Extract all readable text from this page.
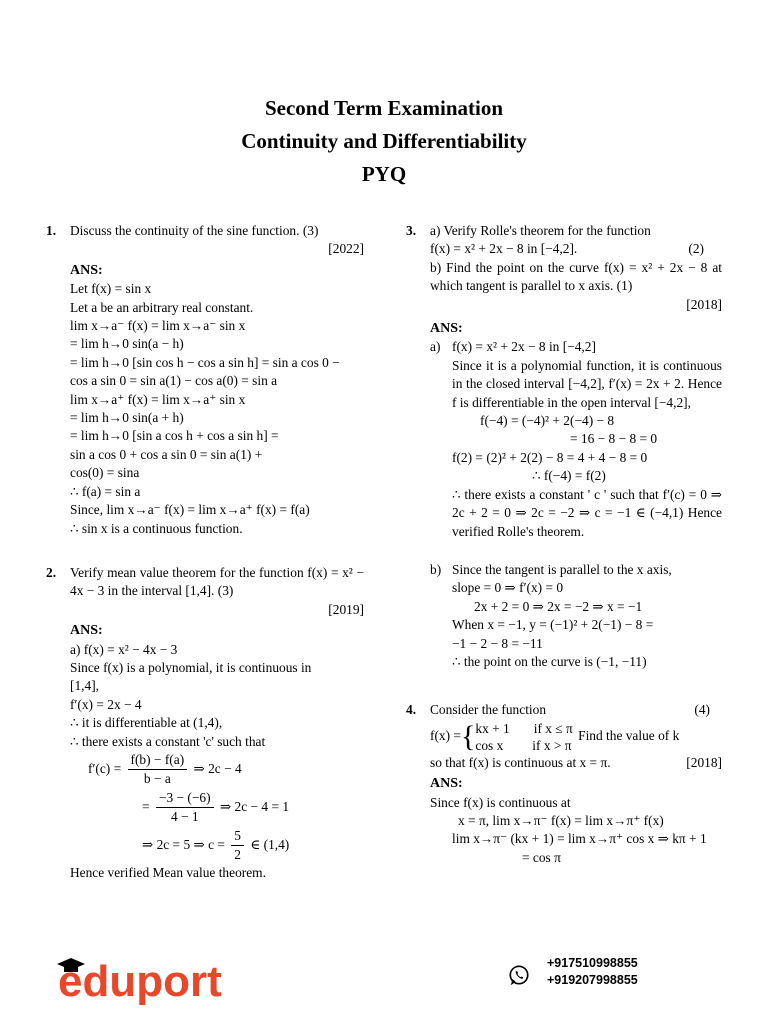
Second Term Examination
Continuity and Differentiability
PYQ
1. Discuss the continuity of the sine function. (3)
[2022]
ANS:
Let f(x) = sin x
Let a be an arbitrary real constant.
lim x→a⁻ f(x) = lim x→a⁻ sin x
= lim h→0 sin(a − h)
= lim h→0 [sin cos h − cos a sin h] = sin a cos 0 −
cos a sin 0 = sin a(1) − cos a(0) = sin a
lim x→a⁺ f(x) = lim x→a⁺ sin x
= lim h→0 sin(a + h)
= lim h→0 [sin a cos h + cos a sin h] =
sin a cos 0 + cos a sin 0 = sin a(1) +
cos(0) = sina
∴ f(a) = sin a
Since, lim x→a⁻ f(x) = lim x→a⁺ f(x) = f(a)
∴ sin x is a continuous function.
2. Verify mean value theorem for the function f(x) = x² − 4x − 3 in the interval [1,4]. (3)
[2019]
ANS:
a) f(x) = x² − 4x − 3
Since f(x) is a polynomial, it is continuous in
[1,4],
f′(x) = 2x − 4
∴ it is differentiable at (1,4),
∴ there exists a constant 'c' such that
$f'(c) = \frac{f(b) - f(a)}{b - a}$ ⇒ 2c − 4
= $\frac{-3 - (-6)}{4 - 1}$ ⇒ 2c − 4 = 1
⇒ 2c = 5 ⇒ $c = \frac{5}{2}$ ∈ (1,4)
Hence verified Mean value theorem.
3. a) Verify Rolle's theorem for the function
f(x) = x² + 2x − 8 in [−4,2].	(2)
b) Find the point on the curve f(x) = x² + 2x − 8 at which tangent is parallel to x axis. (1)
[2018]
ANS:
a) f(x) = x² + 2x − 8 in [−4,2]
Since it is a polynomial function, it is continuous in the closed interval [−4,2], f′(x) = 2x + 2. Hence f is differentiable in the open interval [−4,2],
f(−4) = (−4)² + 2(−4) − 8
= 16 − 8 − 8 = 0
f(2) = (2)² + 2(2) − 8 = 4 + 4 − 8 = 0
∴ f(−4) = f(2)
∴ there exists a constant ' c ' such that f′(c) = 0 ⇒ 2c + 2 = 0 ⇒ 2c = −2 ⇒ c = −1 ∈ (−4,1) Hence verified Rolle's theorem.
b) Since the tangent is parallel to the x axis,
slope = 0 ⇒ f′(x) = 0
2x + 2 = 0 ⇒ 2x = −2 ⇒ x = −1
When x = −1, y = (−1)² + 2(−1) − 8 =
−1 − 2 − 8 = −11
∴ the point on the curve is (−1, −11)
4. Consider the function	(4)
f(x) ={ kx + 1 if x ≤ π
cos x if x > π
Find the value of k
so that f(x) is continuous at x = π.	[2018]
ANS:
Since f(x) is continuous at
x = π, lim x→π⁻ f(x) = lim x→π⁺ f(x)
lim x→π⁻ (kx + 1) = lim x→π⁺ cos x ⇒ kπ + 1
= cos π
eduport	+917510998855
+919207998855
